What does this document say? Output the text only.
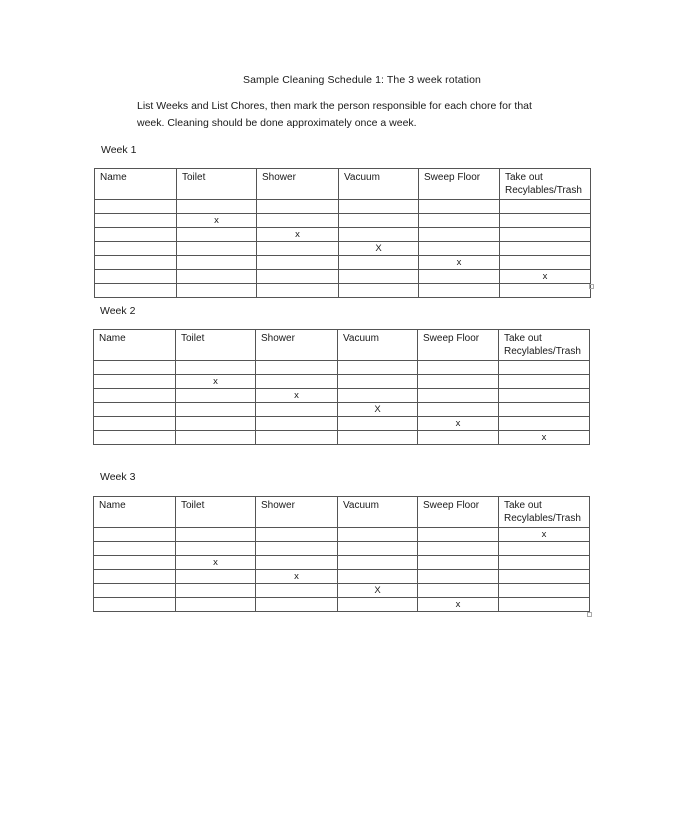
Sample Cleaning Schedule 1: The 3 week rotation
List Weeks and List Chores, then mark the person responsible for each chore for that
week. Cleaning should be done approximately once a week.
Week 1
Name	Toilet	Shower	Vacuum	Sweep Floor	Take out Recylables/Trash

	x				
		x			
			X		
				x	
					x

Week 2
Name	Toilet	Shower	Vacuum	Sweep Floor	Take out Recylables/Trash

	x				
		x			
			X		
				x	
					x
Week 3
Name	Toilet	Shower	Vacuum	Sweep Floor	Take out Recylables/Trash
					x

	x				
		x			
			X		
				x	
